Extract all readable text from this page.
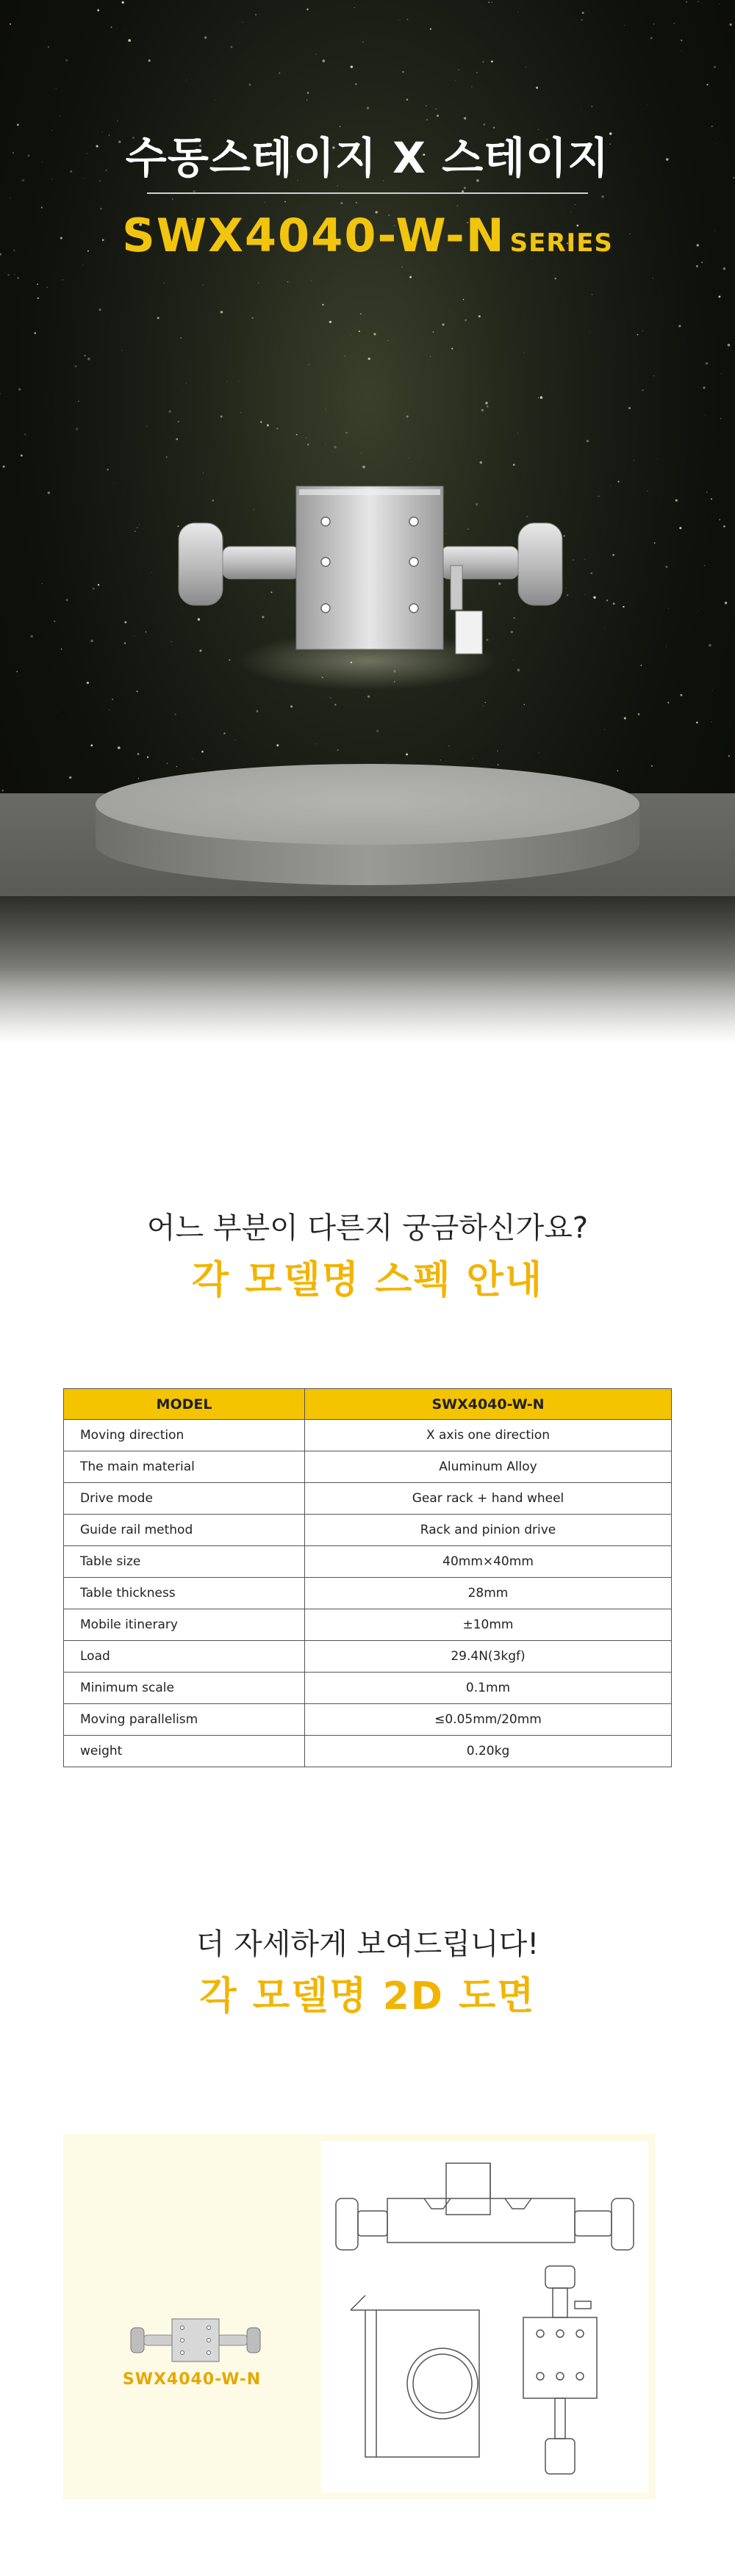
수동스테이지 X 스테이지
SWX4040-W-N SERIES
어느 부분이 다른지 궁금하신가요?
각 모델명 스펙 안내
MODEL	SWX4040-W-N
Moving direction	X axis one direction
The main material	Aluminum Alloy
Drive mode	Gear rack + hand wheel
Guide rail method	Rack and pinion drive
Table size	40mm×40mm
Table thickness	28mm
Mobile itinerary	±10mm
Load	29.4N(3kgf)
Minimum scale	0.1mm
Moving parallelism	≤0.05mm/20mm
weight	0.20kg
더 자세하게 보여드립니다!
각 모델명 2D 도면
SWX4040-W-N
